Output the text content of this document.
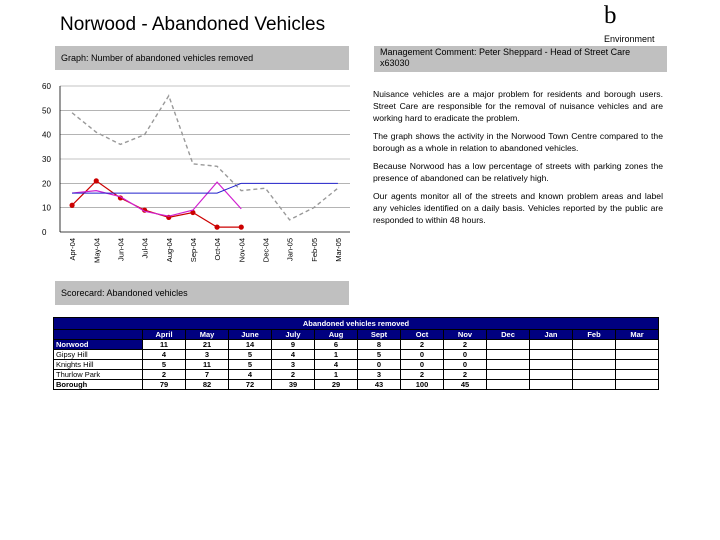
Norwood - Abandoned Vehicles	b
Environment
Graph: Number of abandoned vehicles removed
Management Comment: Peter Sheppard - Head of Street Care x63030
0
10
20
30
40
50
60
Apr-04 May-04 Jun-04 Jul-04 Aug-04 Sep-04 Oct-04 Nov-04 Dec-04 Jan-05 Feb-05 Mar-05

Nuisance vehicles are a major problem for residents and borough users. Street Care are responsible for the removal of nuisance vehicles and are working hard to eradicate the problem.

The graph shows the activity in the Norwood Town Centre compared to the borough as a whole in relation to abandoned vehicles.

Because Norwood has a low percentage of streets with parking zones the presence of abandoned can be relatively high.

Our agents monitor all of the streets and known problem areas and label any vehicles identified on a daily basis. Vehicles reported by the public are responded to within 48 hours.

Scorecard: Abandoned vehicles
Abandoned vehicles removed												
	April	May	June	July	Aug	Sept	Oct	Nov	Dec	Jan	Feb	Mar
Norwood	11	21	14	9	6	8	2	2				
Gipsy Hill	4	3	5	4	1	5	0	0				
Knights Hill	5	11	5	3	4	0	0	0				
Thurlow Park	2	7	4	2	1	3	2	2				
Borough	79	82	72	39	29	43	100	45				
